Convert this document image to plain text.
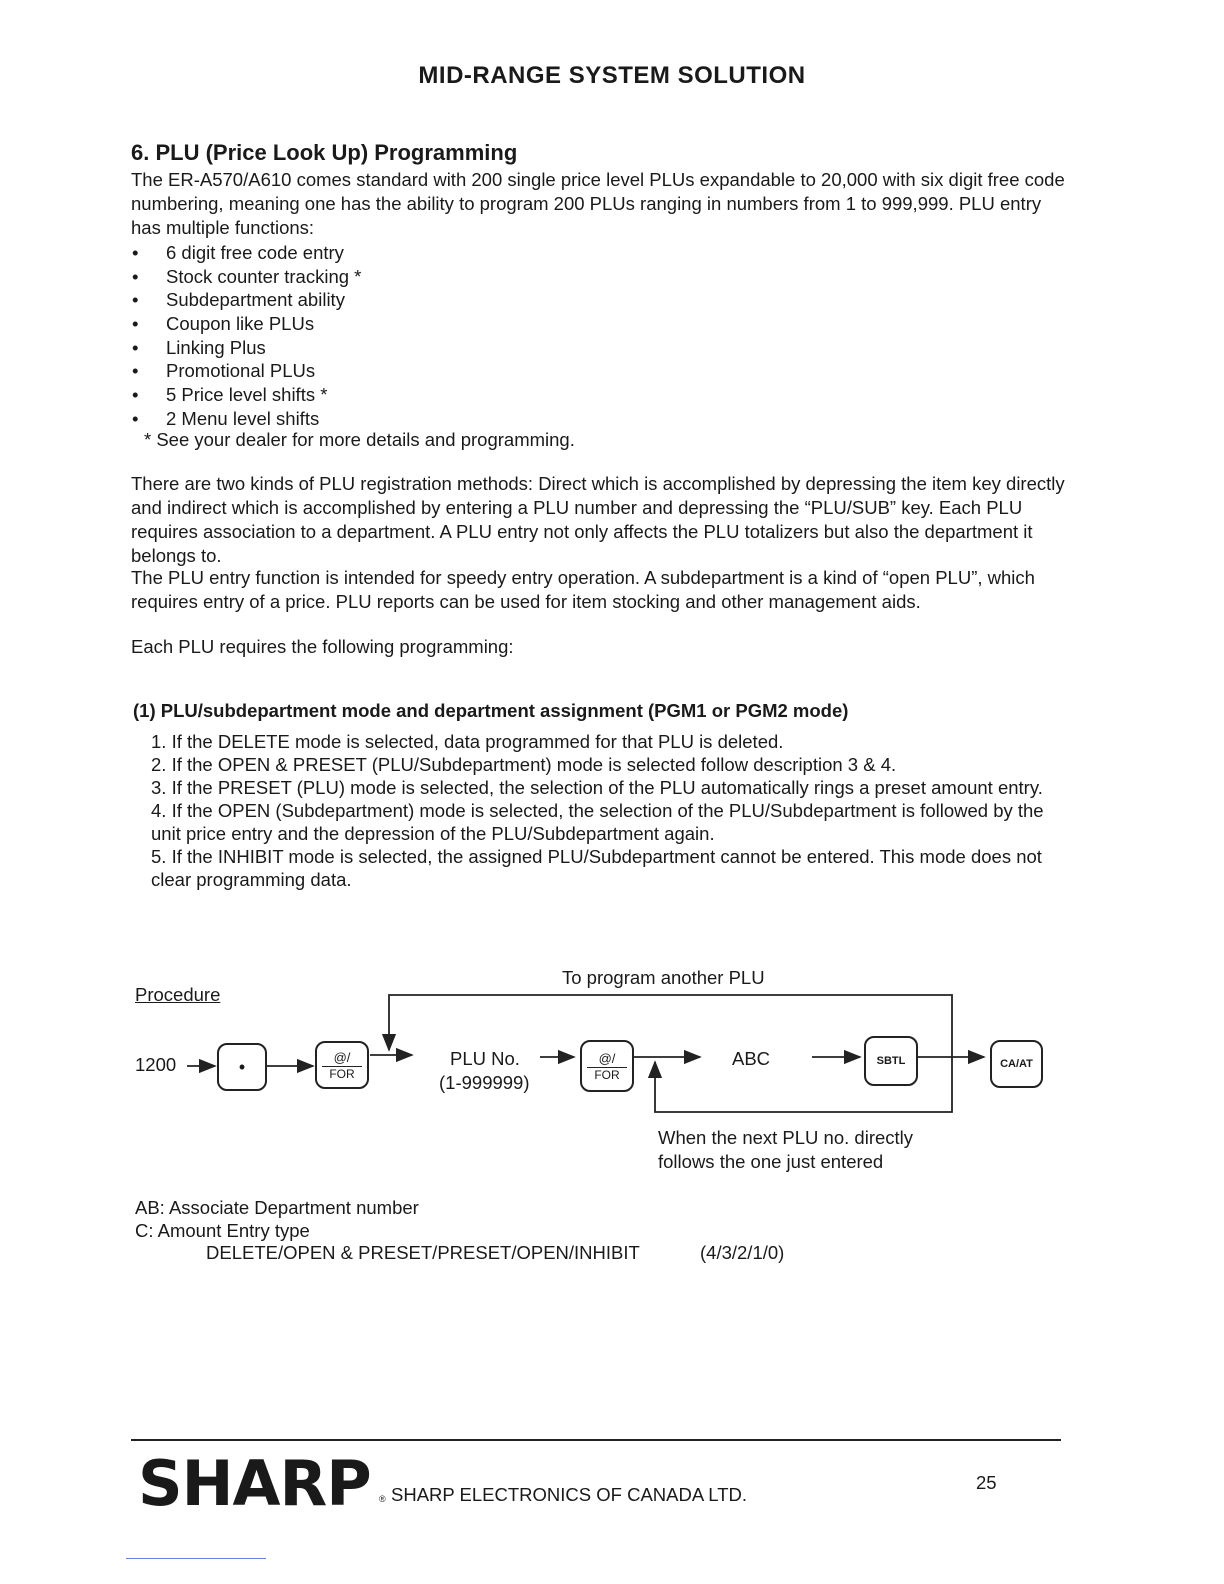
MID-RANGE SYSTEM SOLUTION
6. PLU (Price Look Up) Programming
The ER-A570/A610 comes standard with 200 single price level PLUs expandable to 20,000 with six digit free code numbering, meaning one has the ability to program 200 PLUs ranging in numbers from 1 to 999,999. PLU entry has multiple functions:
• 6 digit free code entry
• Stock counter tracking *
• Subdepartment ability
• Coupon like PLUs
• Linking Plus
• Promotional PLUs
• 5 Price level shifts *
• 2 Menu level shifts
* See your dealer for more details and programming.
There are two kinds of PLU registration methods: Direct which is accomplished by depressing the item key directly and indirect which is accomplished by entering a PLU number and depressing the “PLU/SUB” key. Each PLU requires association to a department. A PLU entry not only affects the PLU totalizers but also the department it belongs to.
The PLU entry function is intended for speedy entry operation. A subdepartment is a kind of “open PLU”, which requires entry of a price. PLU reports can be used for item stocking and other management aids.
Each PLU requires the following programming:
(1) PLU/subdepartment mode and department assignment (PGM1 or PGM2 mode)
1. If the DELETE mode is selected, data programmed for that PLU is deleted.
2. If the OPEN & PRESET (PLU/Subdepartment) mode is selected follow description 3 & 4.
3. If the PRESET (PLU) mode is selected, the selection of the PLU automatically rings a preset amount entry.
4. If the OPEN (Subdepartment) mode is selected, the selection of the PLU/Subdepartment is followed by the unit price entry and the depression of the PLU/Subdepartment again.
5. If the INHIBIT mode is selected, the assigned PLU/Subdepartment cannot be entered. This mode does not clear programming data.
Procedure
To program another PLU
1200	•	@/
FOR
PLU No.
(1-999999)
@/
FOR
ABC	SBTL	CA/AT
When the next PLU no. directly
follows the one just entered
AB: Associate Department number
C: Amount Entry type
DELETE/OPEN & PRESET/PRESET/OPEN/INHIBIT	(4/3/2/1/0)
SHARP ® SHARP ELECTRONICS OF CANADA LTD.
25
